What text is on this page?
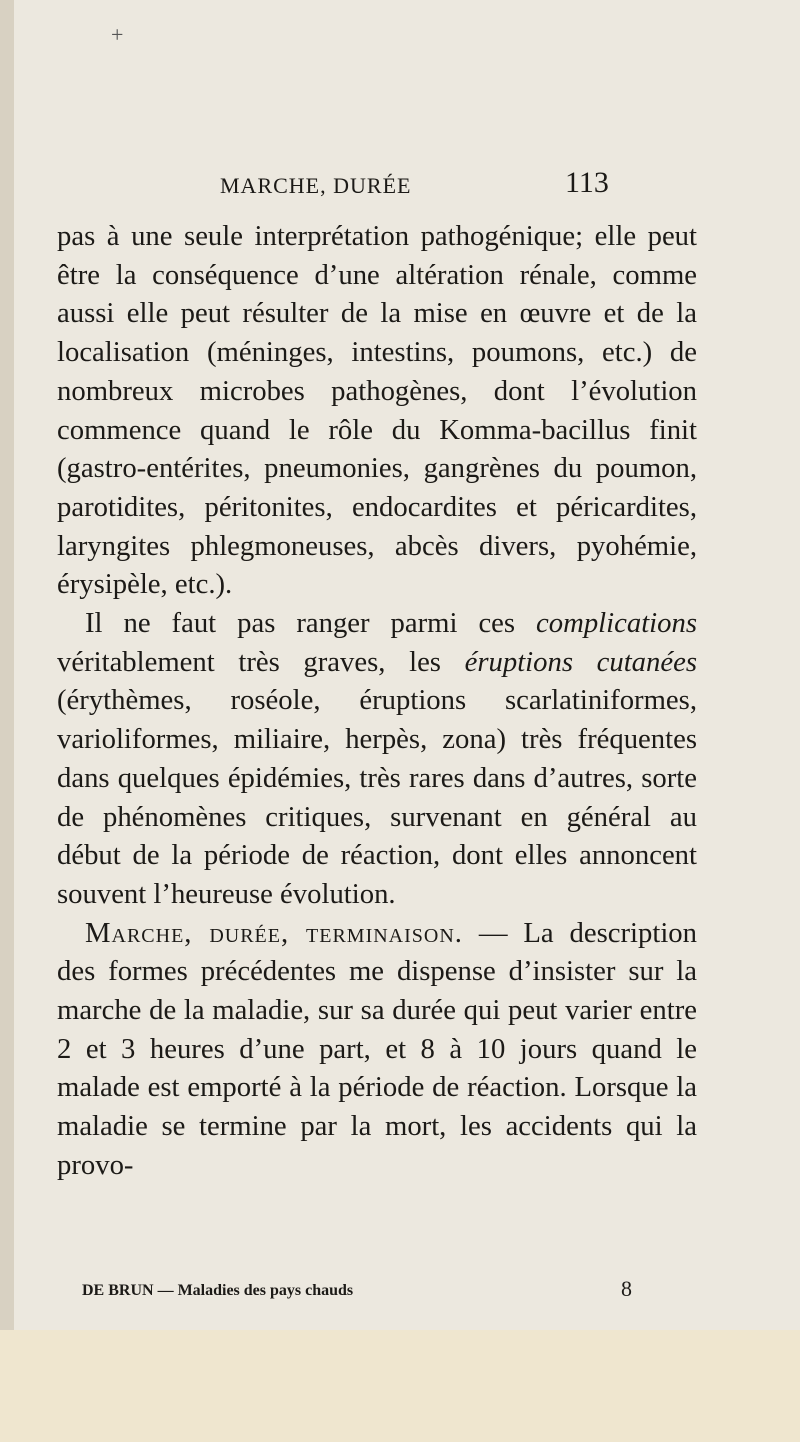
+
MARCHE, DURÉE	113

pas à une seule interprétation pathogénique; elle peut être la conséquence d’une altération rénale, comme aussi elle peut résulter de la mise en œuvre et de la localisation (méninges, intestins, poumons, etc.) de nombreux microbes pathogènes, dont l’évolution commence quand le rôle du Komma-bacillus finit (gastro-entérites, pneumonies, gangrènes du poumon, parotidites, péritonites, endocardites et péricardites, laryngites phlegmoneuses, abcès divers, pyohémie, érysipèle, etc.).

Il ne faut pas ranger parmi ces complications véritablement très graves, les éruptions cutanées (érythèmes, roséole, éruptions scarlatiniformes, varioliformes, miliaire, herpès, zona) très fréquentes dans quelques épidémies, très rares dans d’autres, sorte de phénomènes critiques, survenant en général au début de la période de réaction, dont elles annoncent souvent l’heureuse évolution.

Marche, durée, terminaison. — La description des formes précédentes me dispense d’insister sur la marche de la maladie, sur sa durée qui peut varier entre 2 et 3 heures d’une part, et 8 à 10 jours quand le malade est emporté à la période de réaction. Lorsque la maladie se termine par la mort, les accidents qui la provo-

DE BRUN — Maladies des pays chauds	8
